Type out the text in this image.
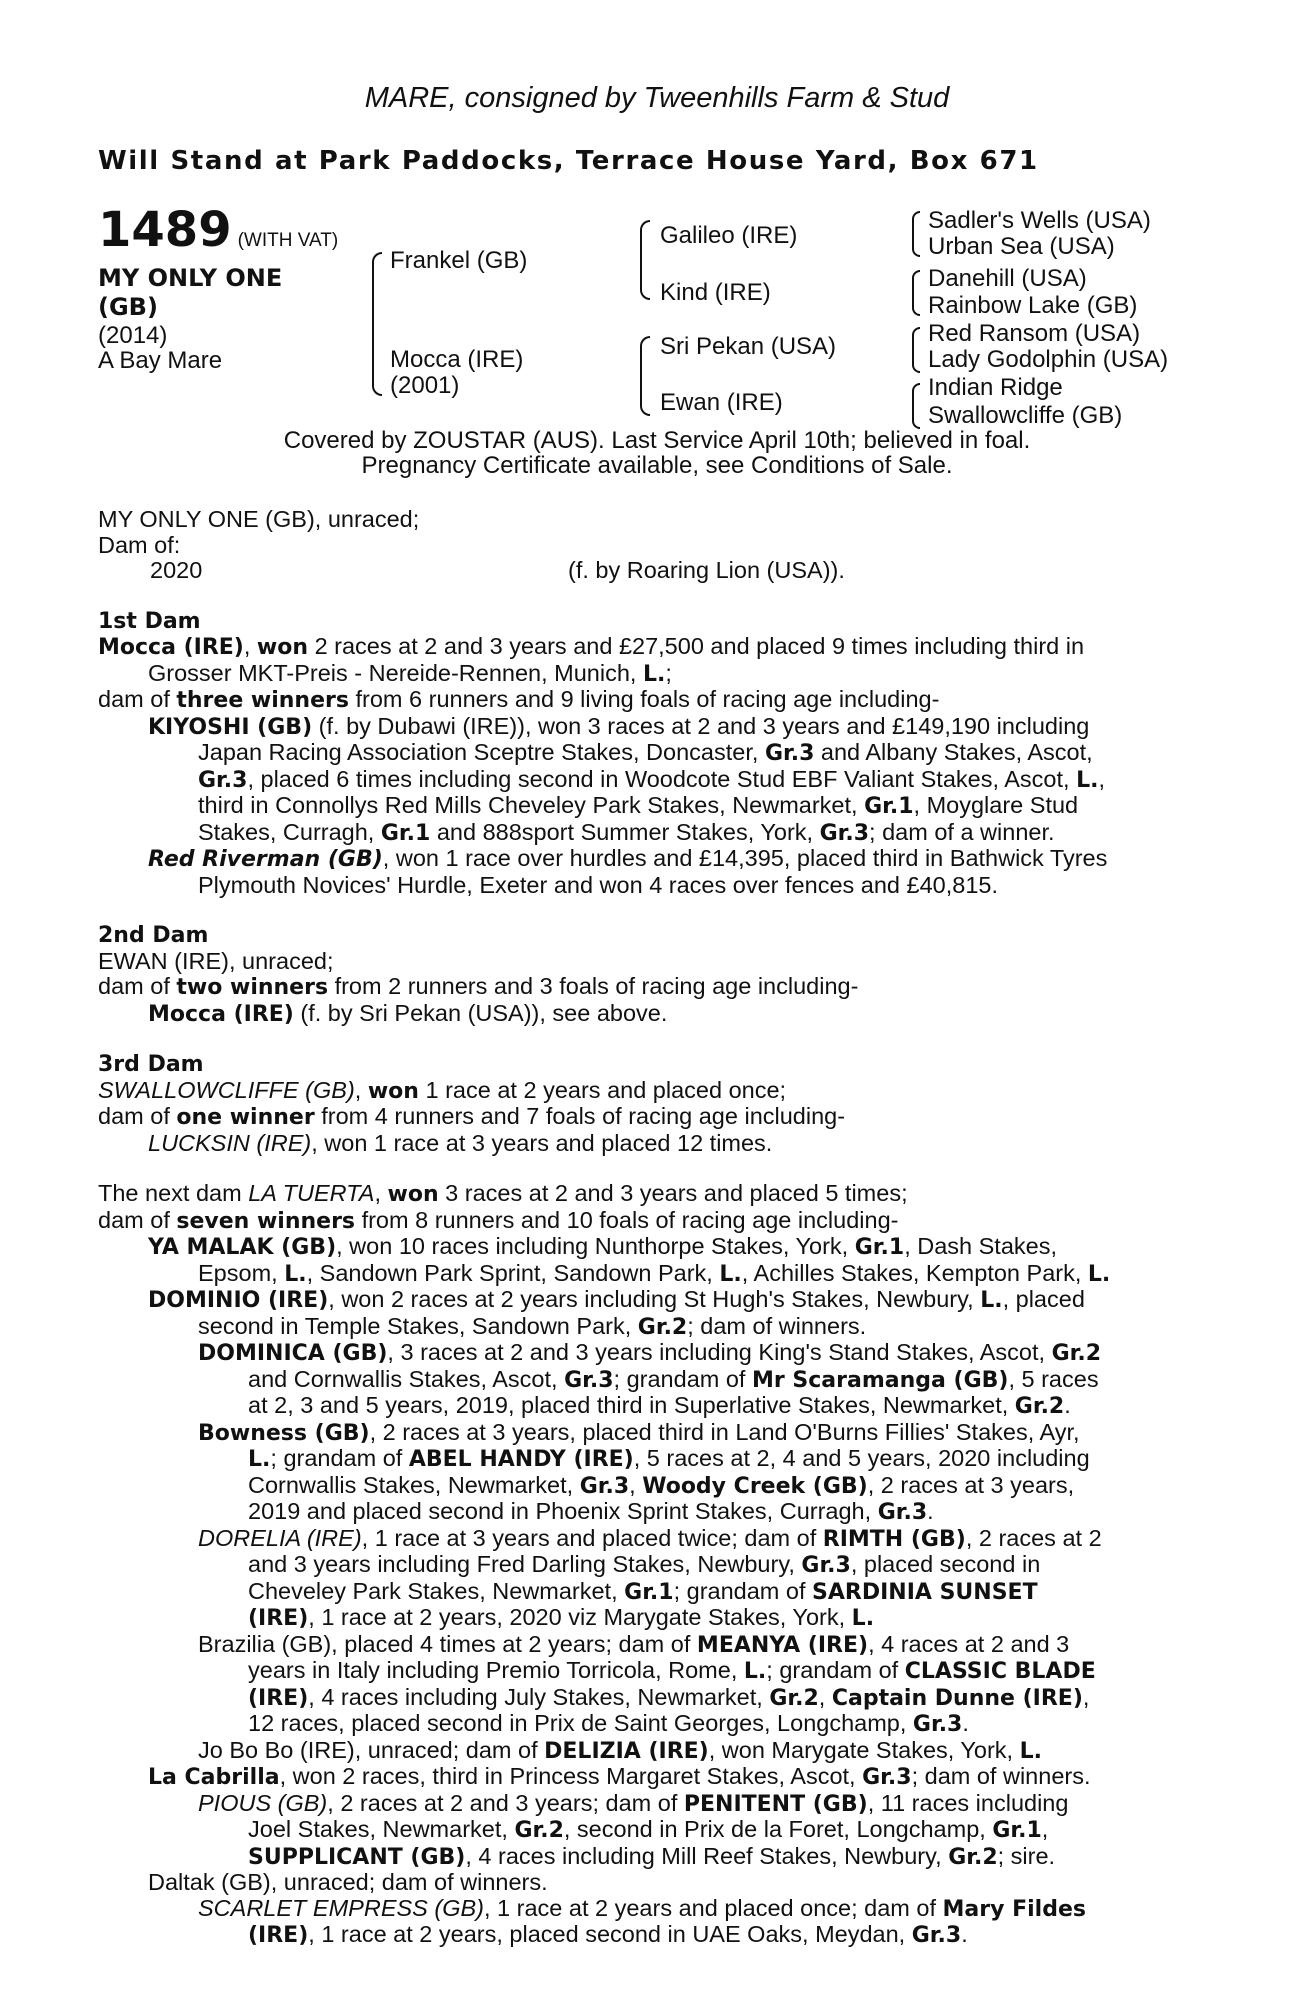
MARE, consigned by Tweenhills Farm & Stud
Will Stand at Park Paddocks, Terrace House Yard, Box 671
1489 (WITH VAT)
MY ONLY ONE
(GB)
(2014)
A Bay Mare
Frankel (GB)
Mocca (IRE)
(2001)
Galileo (IRE)
Kind (IRE)
Sri Pekan (USA)
Ewan (IRE)
Sadler's Wells (USA)
Urban Sea (USA)
Danehill (USA)
Rainbow Lake (GB)
Red Ransom (USA)
Lady Godolphin (USA)
Indian Ridge
Swallowcliffe (GB)
Covered by ZOUSTAR (AUS). Last Service April 10th; believed in foal.
Pregnancy Certificate available, see Conditions of Sale.
MY ONLY ONE (GB), unraced;
Dam of:
2020	(f. by Roaring Lion (USA)).
1st Dam
Mocca (IRE), won 2 races at 2 and 3 years and £27,500 and placed 9 times including third in
Grosser MKT-Preis - Nereide-Rennen, Munich, L.;
dam of three winners from 6 runners and 9 living foals of racing age including-
KIYOSHI (GB) (f. by Dubawi (IRE)), won 3 races at 2 and 3 years and £149,190 including
Japan Racing Association Sceptre Stakes, Doncaster, Gr.3 and Albany Stakes, Ascot,
Gr.3, placed 6 times including second in Woodcote Stud EBF Valiant Stakes, Ascot, L.,
third in Connollys Red Mills Cheveley Park Stakes, Newmarket, Gr.1, Moyglare Stud
Stakes, Curragh, Gr.1 and 888sport Summer Stakes, York, Gr.3; dam of a winner.
Red Riverman (GB), won 1 race over hurdles and £14,395, placed third in Bathwick Tyres
Plymouth Novices' Hurdle, Exeter and won 4 races over fences and £40,815.
2nd Dam
EWAN (IRE), unraced;
dam of two winners from 2 runners and 3 foals of racing age including-
Mocca (IRE) (f. by Sri Pekan (USA)), see above.
3rd Dam
SWALLOWCLIFFE (GB), won 1 race at 2 years and placed once;
dam of one winner from 4 runners and 7 foals of racing age including-
LUCKSIN (IRE), won 1 race at 3 years and placed 12 times.
The next dam LA TUERTA, won 3 races at 2 and 3 years and placed 5 times;
dam of seven winners from 8 runners and 10 foals of racing age including-
YA MALAK (GB), won 10 races including Nunthorpe Stakes, York, Gr.1, Dash Stakes,
Epsom, L., Sandown Park Sprint, Sandown Park, L., Achilles Stakes, Kempton Park, L.
DOMINIO (IRE), won 2 races at 2 years including St Hugh's Stakes, Newbury, L., placed
second in Temple Stakes, Sandown Park, Gr.2; dam of winners.
DOMINICA (GB), 3 races at 2 and 3 years including King's Stand Stakes, Ascot, Gr.2
and Cornwallis Stakes, Ascot, Gr.3; grandam of Mr Scaramanga (GB), 5 races
at 2, 3 and 5 years, 2019, placed third in Superlative Stakes, Newmarket, Gr.2.
Bowness (GB), 2 races at 3 years, placed third in Land O'Burns Fillies' Stakes, Ayr,
L.; grandam of ABEL HANDY (IRE), 5 races at 2, 4 and 5 years, 2020 including
Cornwallis Stakes, Newmarket, Gr.3, Woody Creek (GB), 2 races at 3 years,
2019 and placed second in Phoenix Sprint Stakes, Curragh, Gr.3.
DORELIA (IRE), 1 race at 3 years and placed twice; dam of RIMTH (GB), 2 races at 2
and 3 years including Fred Darling Stakes, Newbury, Gr.3, placed second in
Cheveley Park Stakes, Newmarket, Gr.1; grandam of SARDINIA SUNSET
(IRE), 1 race at 2 years, 2020 viz Marygate Stakes, York, L.
Brazilia (GB), placed 4 times at 2 years; dam of MEANYA (IRE), 4 races at 2 and 3
years in Italy including Premio Torricola, Rome, L.; grandam of CLASSIC BLADE
(IRE), 4 races including July Stakes, Newmarket, Gr.2, Captain Dunne (IRE),
12 races, placed second in Prix de Saint Georges, Longchamp, Gr.3.
Jo Bo Bo (IRE), unraced; dam of DELIZIA (IRE), won Marygate Stakes, York, L.
La Cabrilla, won 2 races, third in Princess Margaret Stakes, Ascot, Gr.3; dam of winners.
PIOUS (GB), 2 races at 2 and 3 years; dam of PENITENT (GB), 11 races including
Joel Stakes, Newmarket, Gr.2, second in Prix de la Foret, Longchamp, Gr.1,
SUPPLICANT (GB), 4 races including Mill Reef Stakes, Newbury, Gr.2; sire.
Daltak (GB), unraced; dam of winners.
SCARLET EMPRESS (GB), 1 race at 2 years and placed once; dam of Mary Fildes
(IRE), 1 race at 2 years, placed second in UAE Oaks, Meydan, Gr.3.
